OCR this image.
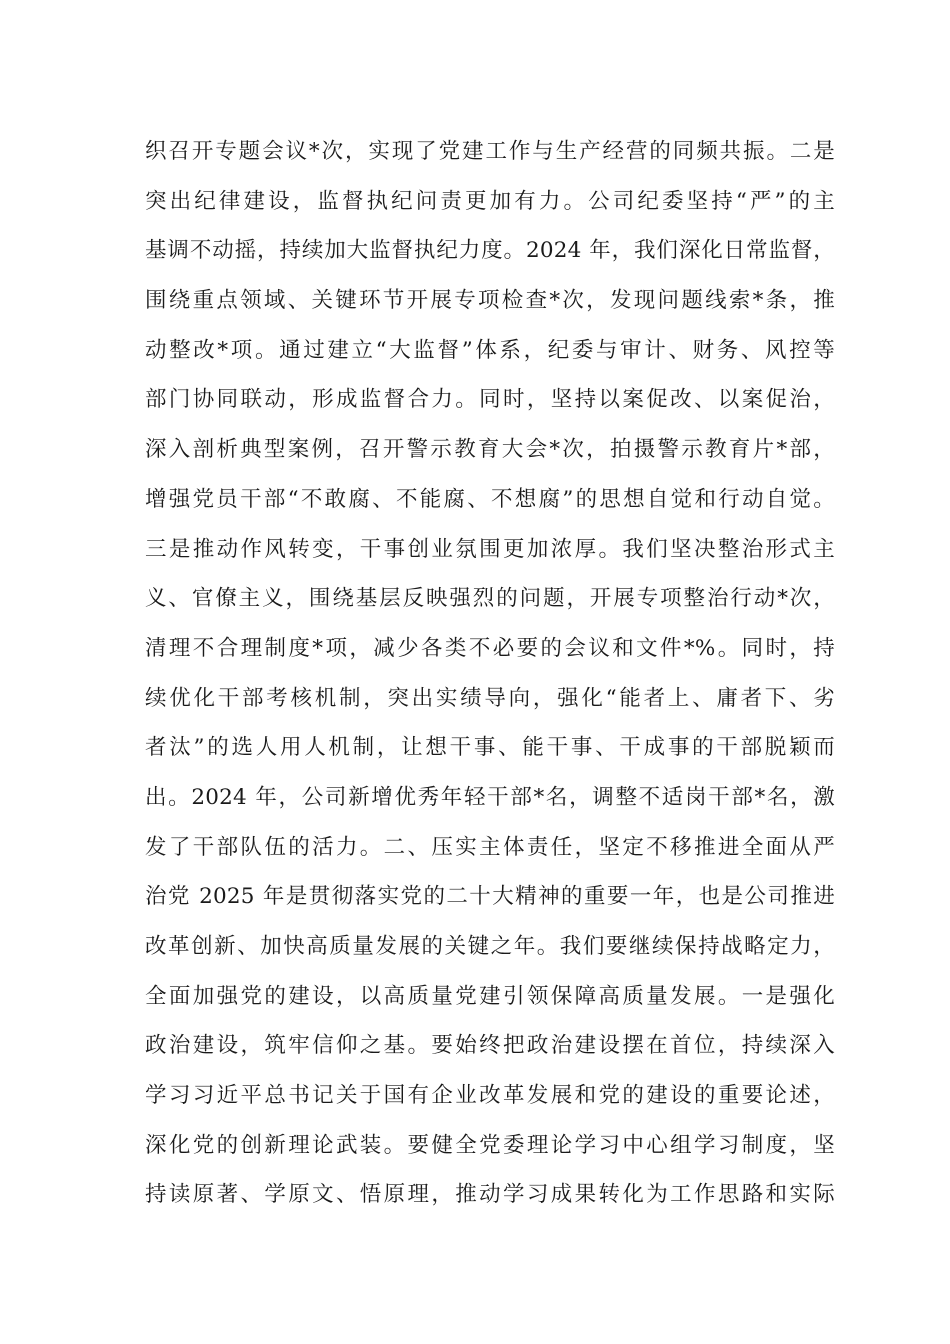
织召开专题会议*次，实现了党建工作与生产经营的同频共振。二是
突出纪律建设，监督执纪问责更加有力。公司纪委坚持“严”的主
基调不动摇，持续加大监督执纪力度。2024 年，我们深化日常监督，
围绕重点领域、关键环节开展专项检查*次，发现问题线索*条，推
动整改*项。通过建立“大监督”体系，纪委与审计、财务、风控等
部门协同联动，形成监督合力。同时，坚持以案促改、以案促治，
深入剖析典型案例，召开警示教育大会*次，拍摄警示教育片*部，
增强党员干部“不敢腐、不能腐、不想腐”的思想自觉和行动自觉。
三是推动作风转变，干事创业氛围更加浓厚。我们坚决整治形式主
义、官僚主义，围绕基层反映强烈的问题，开展专项整治行动*次，
清理不合理制度*项，减少各类不必要的会议和文件*%。同时，持
续优化干部考核机制，突出实绩导向，强化“能者上、庸者下、劣
者汰”的选人用人机制，让想干事、能干事、干成事的干部脱颖而
出。2024 年，公司新增优秀年轻干部*名，调整不适岗干部*名，激
发了干部队伍的活力。二、压实主体责任，坚定不移推进全面从严
治党 2025 年是贯彻落实党的二十大精神的重要一年，也是公司推进
改革创新、加快高质量发展的关键之年。我们要继续保持战略定力，
全面加强党的建设，以高质量党建引领保障高质量发展。一是强化
政治建设，筑牢信仰之基。要始终把政治建设摆在首位，持续深入
学习习近平总书记关于国有企业改革发展和党的建设的重要论述，
深化党的创新理论武装。要健全党委理论学习中心组学习制度，坚
持读原著、学原文、悟原理，推动学习成果转化为工作思路和实际
